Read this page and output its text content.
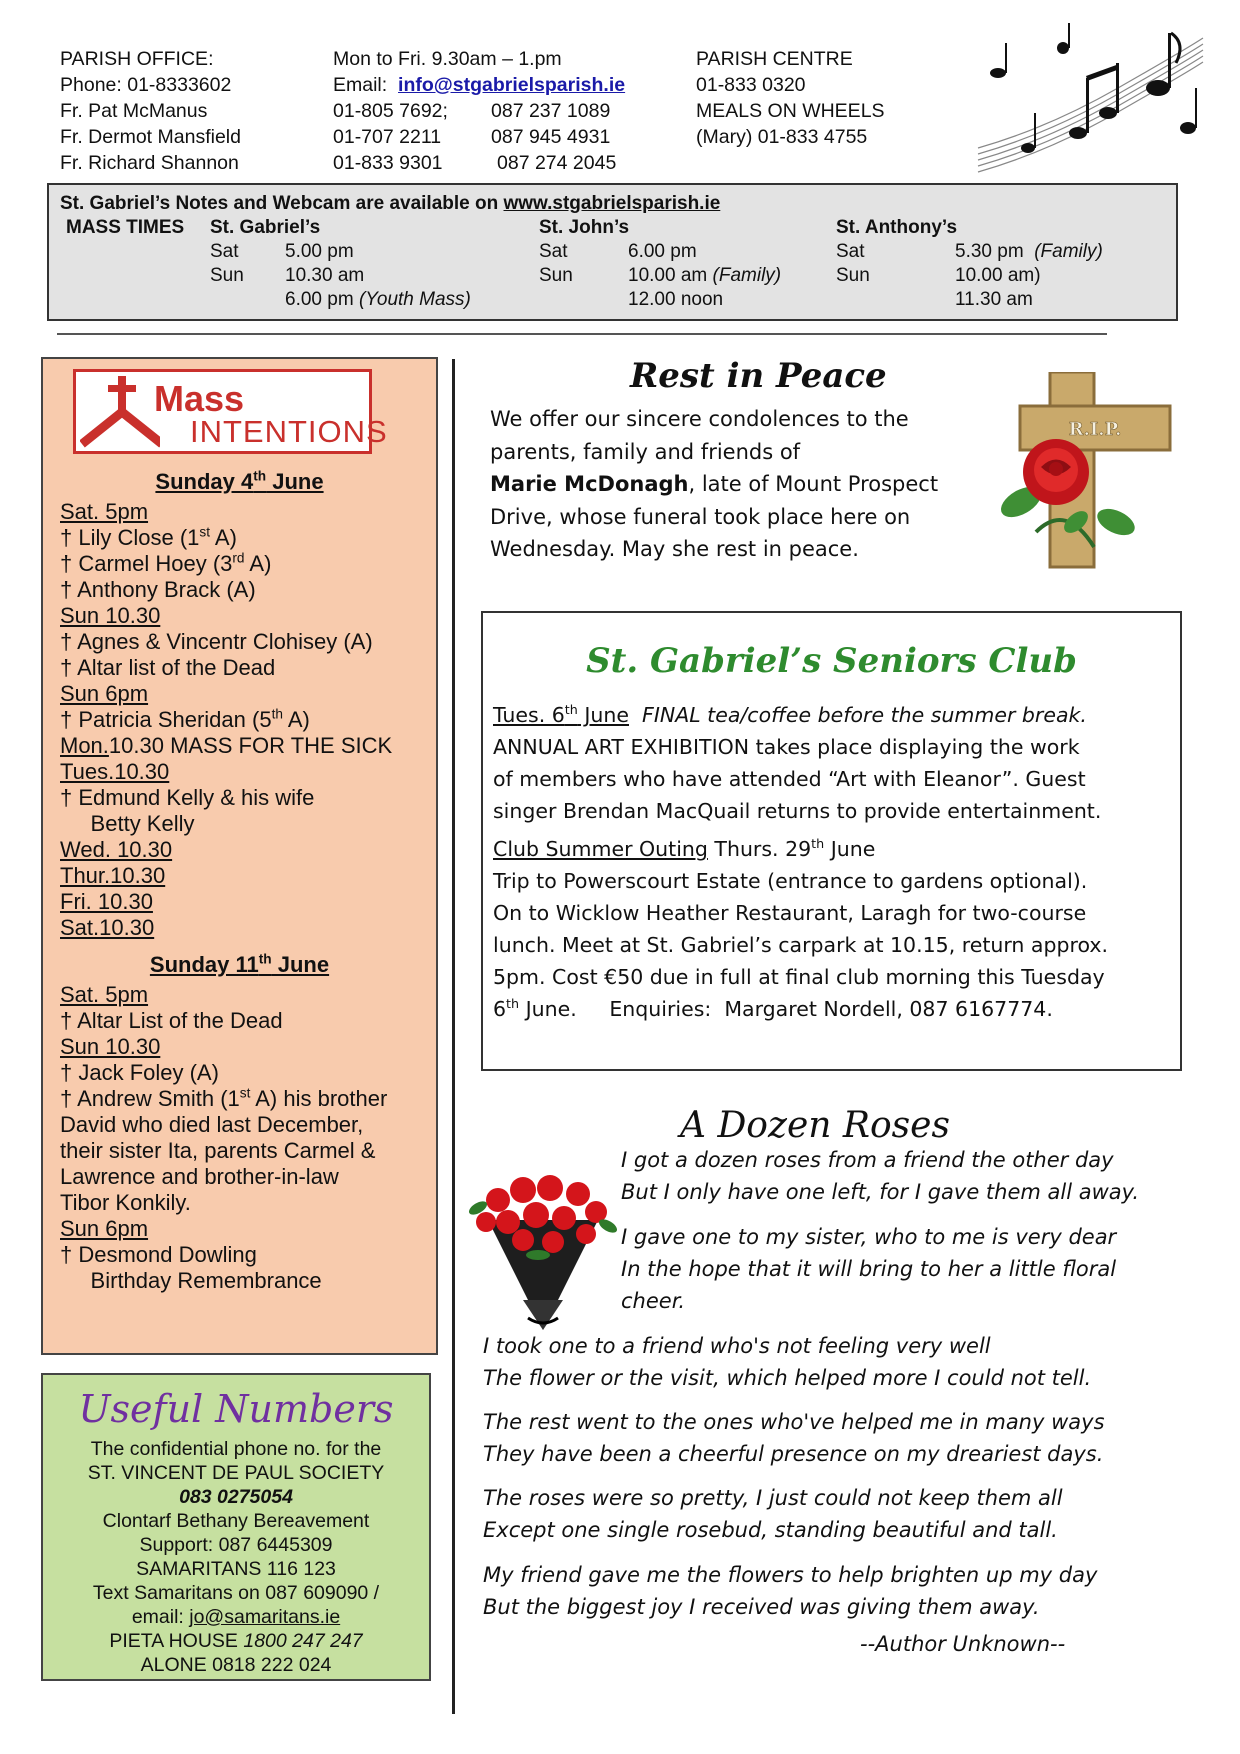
PARISH OFFICE:
Phone: 01-8333602
Fr. Pat McManus
Fr. Dermot Mansfield
Fr. Richard Shannon
Mon to Fri. 9.30am – 1.pm
Email: info@stgabrielsparish.ie
01-805 7692; 087 237 1089
01-707 2211	087 945 4931
01-833 9301	087 274 2045
PARISH CENTRE
01-833 0320
MEALS ON WHEELS
(Mary) 01-833 4755
St. Gabriel’s Notes and Webcam are available on www.stgabrielsparish.ie
MASS TIMES St. Gabriel’s
Sat 5.00 pm
Sun 10.30 am
6.00 pm (Youth Mass)
St. John’s
Sat	6.00 pm
Sun	10.00 am (Family)
12.00 noon
St. Anthony’s
Sat	5.30 pm (Family)
Sun	10.00 am)
11.30 am
Mass
INTENTIONS
Sunday 4th June
Sat. 5pm
† Lily Close (1st A)
† Carmel Hoey (3rd A)
† Anthony Brack (A)
Sun 10.30
† Agnes & Vincentr Clohisey (A)
† Altar list of the Dead
Sun 6pm
† Patricia Sheridan (5th A)
Mon.10.30 MASS FOR THE SICK
Tues.10.30
† Edmund Kelly & his wife
Betty Kelly
Wed. 10.30
Thur.10.30
Fri. 10.30
Sat.10.30
Sunday 11th June
Sat. 5pm
† Altar List of the Dead
Sun 10.30
† Jack Foley (A)
† Andrew Smith (1st A) his brother
David who died last December,
their sister Ita, parents Carmel &
Lawrence and brother-in-law
Tibor Konkily.
Sun 6pm
† Desmond Dowling
Birthday Remembrance
Useful Numbers
The confidential phone no. for the
ST. VINCENT DE PAUL SOCIETY
083 0275054
Clontarf Bethany Bereavement
Support: 087 6445309
SAMARITANS 116 123
Text Samaritans on 087 609090 /
email: jo@samaritans.ie
PIETA HOUSE 1800 247 247
ALONE 0818 222 024
Rest in Peace
We offer our sincere condolences to the
parents, family and friends of
Marie McDonagh, late of Mount Prospect
Drive, whose funeral took place here on
Wednesday. May she rest in peace.
R.I.P.
St. Gabriel’s Seniors Club
Tues. 6th June FINAL tea/coffee before the summer break.
ANNUAL ART EXHIBITION takes place displaying the work
of members who have attended “Art with Eleanor”. Guest
singer Brendan MacQuail returns to provide entertainment.
Club Summer Outing Thurs. 29th June
Trip to Powerscourt Estate (entrance to gardens optional).
On to Wicklow Heather Restaurant, Laragh for two-course
lunch. Meet at St. Gabriel’s carpark at 10.15, return approx.
5pm. Cost €50 due in full at final club morning this Tuesday
6th June.     Enquiries:  Margaret Nordell, 087 6167774.
A Dozen Roses
I got a dozen roses from a friend the other day
But I only have one left, for I gave them all away.
I gave one to my sister, who to me is very dear
In the hope that it will bring to her a little floral
cheer.
I took one to a friend who's not feeling very well
The flower or the visit, which helped more I could not tell.
The rest went to the ones who've helped me in many ways
They have been a cheerful presence on my dreariest days.
The roses were so pretty, I just could not keep them all
Except one single rosebud, standing beautiful and tall.
My friend gave me the flowers to help brighten up my day
But the biggest joy I received was giving them away.
--Author Unknown--
